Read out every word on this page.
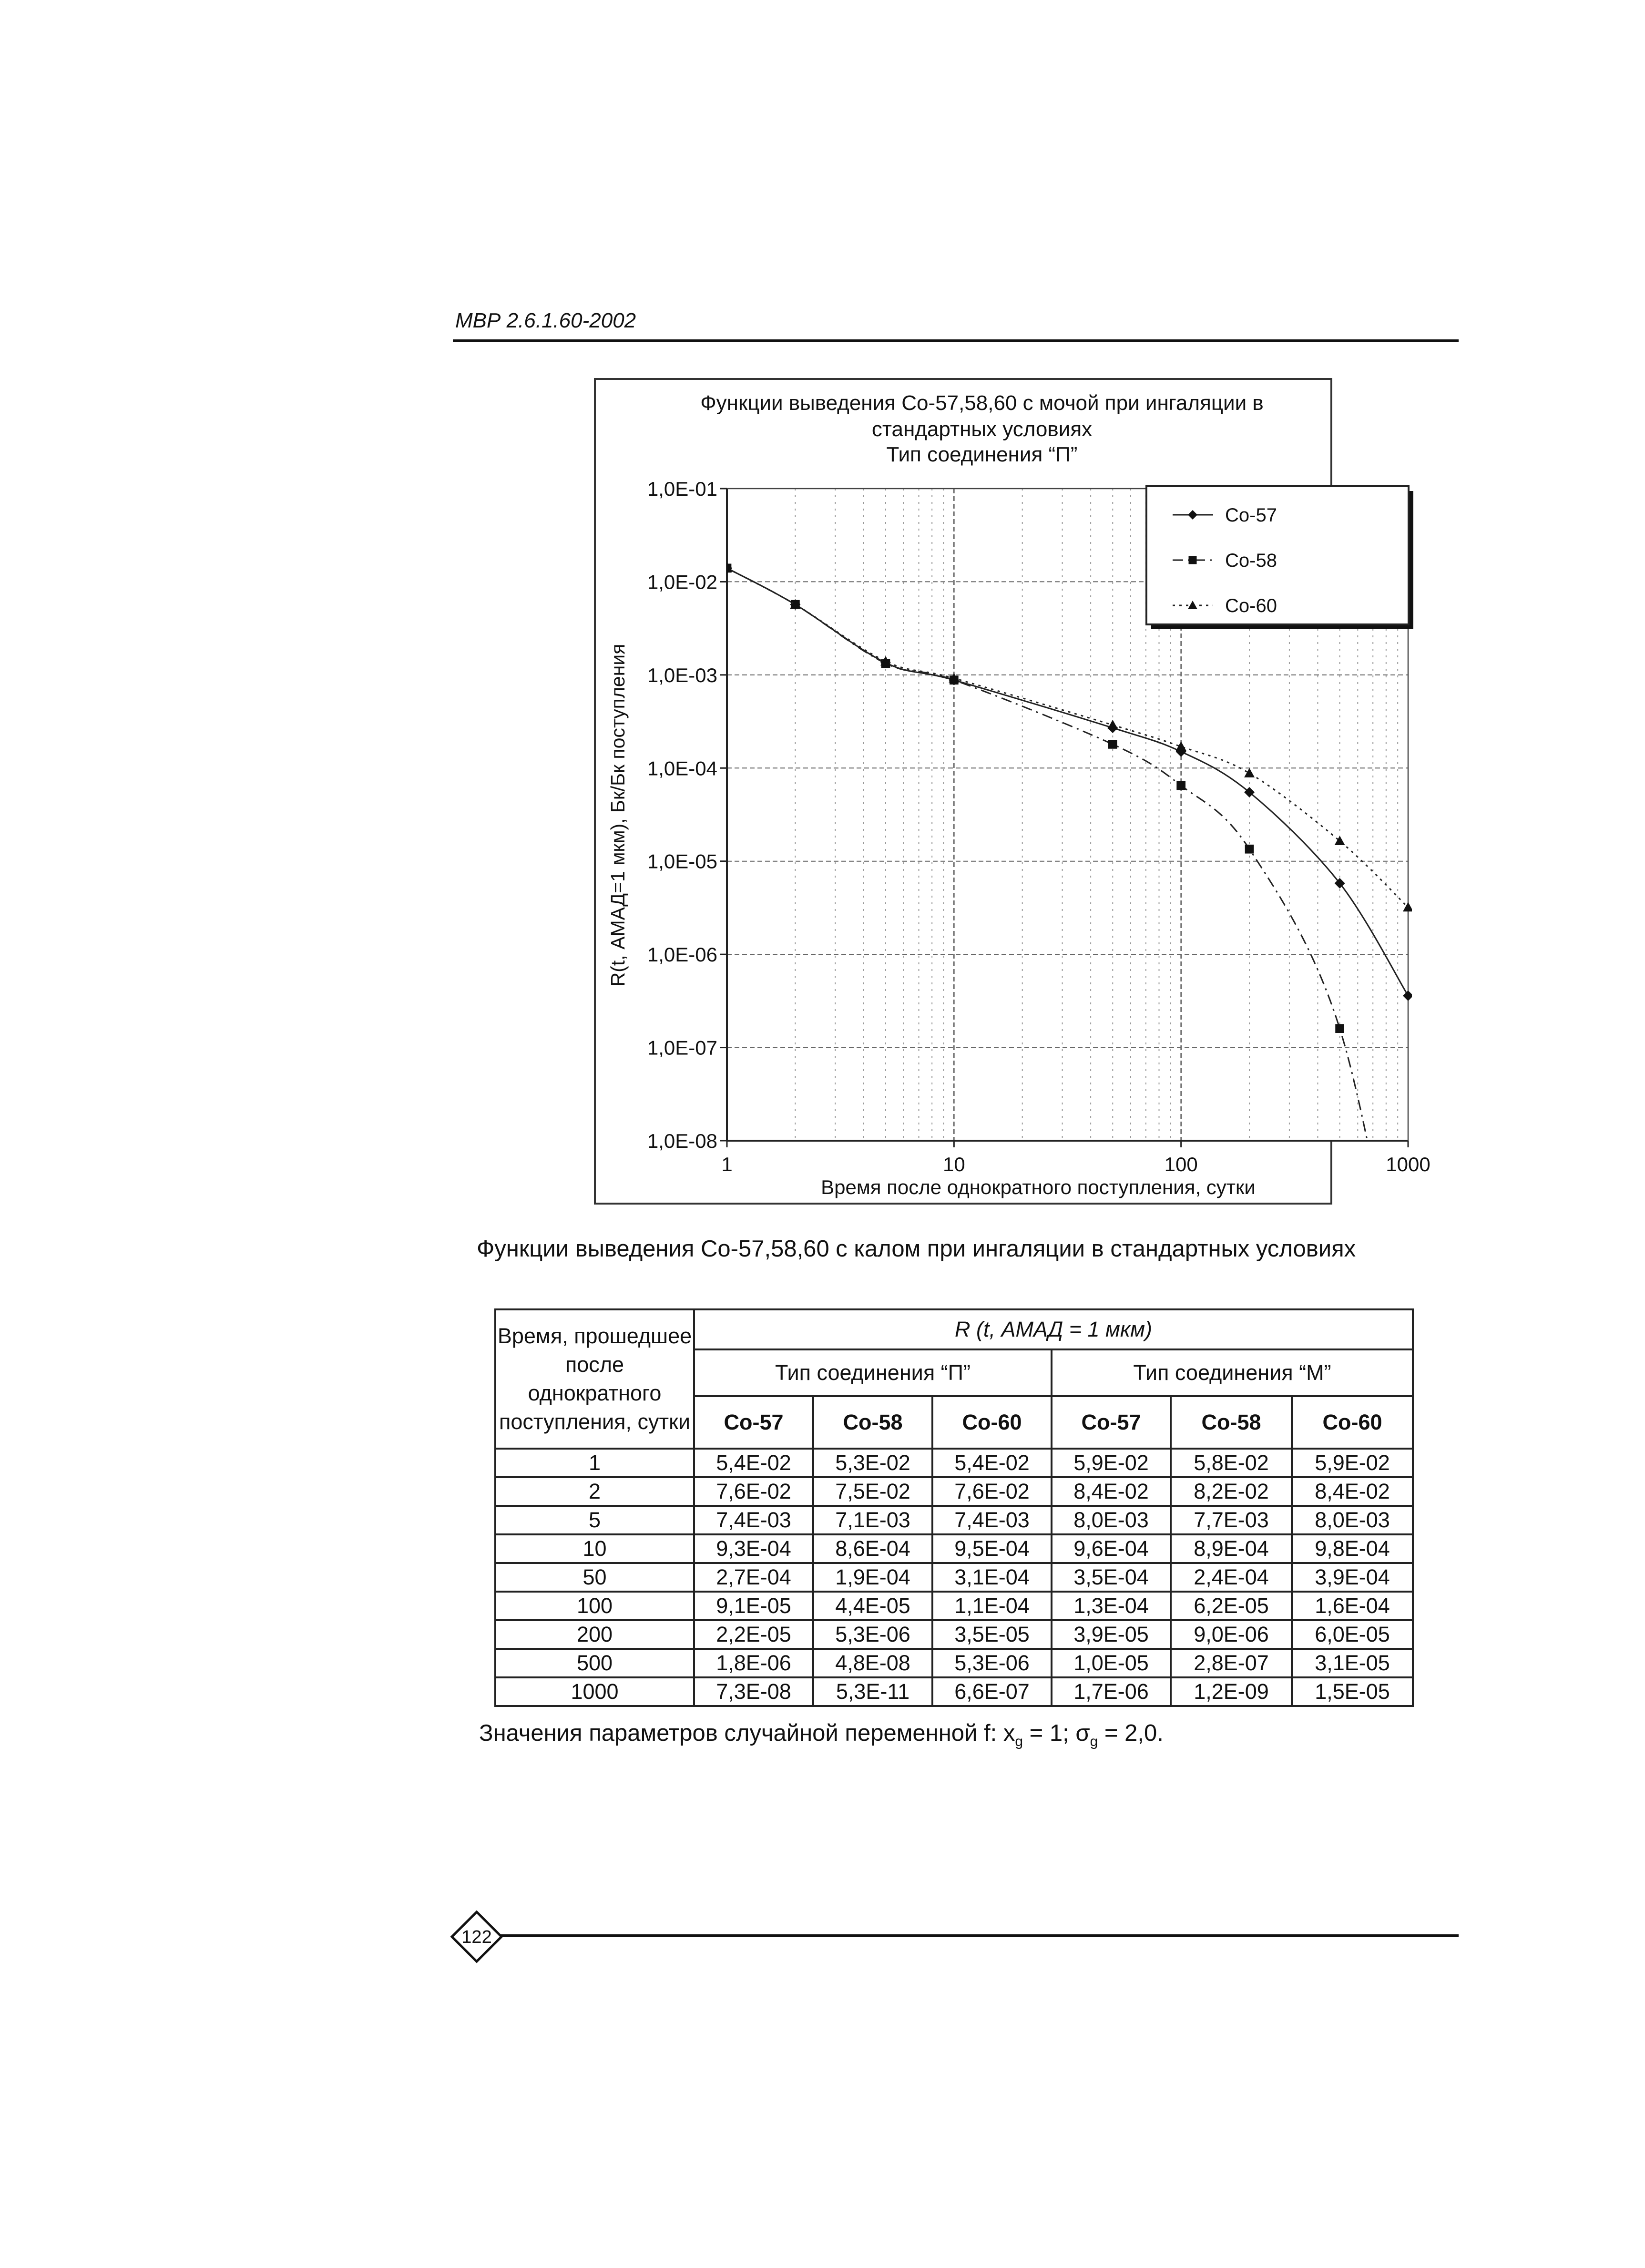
МВР 2.6.1.60-2002
Функции выведения Со-57,58,60 с мочой при ингаляции в
стандартных условиях
Тип соединения “П”
1,0E-01
1,0E-02
1,0E-03
1,0E-04
1,0E-05
1,0E-06
1,0E-07
1,0E-08
1	10	100	1000
R(t, АМАД=1 мкм), Бк/Бк поступления
Время после однократного поступления, сутки
Co-57
Co-58
Co-60
Функции выведения Со-57,58,60 с калом при ингаляции в стандартных условиях
Время, прошедшее после однократного поступления, сутки	R (t, АМАД = 1 мкм)					
	Тип соединения “П”			Тип соединения “М”		
	Со-57	Со-58	Со-60	Со-57	Со-58	Со-60
1	5,4E-02	5,3E-02	5,4E-02	5,9E-02	5,8E-02	5,9E-02
2	7,6E-02	7,5E-02	7,6E-02	8,4E-02	8,2E-02	8,4E-02
5	7,4E-03	7,1E-03	7,4E-03	8,0E-03	7,7E-03	8,0E-03
10	9,3E-04	8,6E-04	9,5E-04	9,6E-04	8,9E-04	9,8E-04
50	2,7E-04	1,9E-04	3,1E-04	3,5E-04	2,4E-04	3,9E-04
100	9,1E-05	4,4E-05	1,1E-04	1,3E-04	6,2E-05	1,6E-04
200	2,2E-05	5,3E-06	3,5E-05	3,9E-05	9,0E-06	6,0E-05
500	1,8E-06	4,8E-08	5,3E-06	1,0E-05	2,8E-07	3,1E-05
1000	7,3E-08	5,3E-11	6,6E-07	1,7E-06	1,2E-09	1,5E-05
Значения параметров случайной переменной f: $x_g = 1$; $\sigma_g = 2,0$.
122
